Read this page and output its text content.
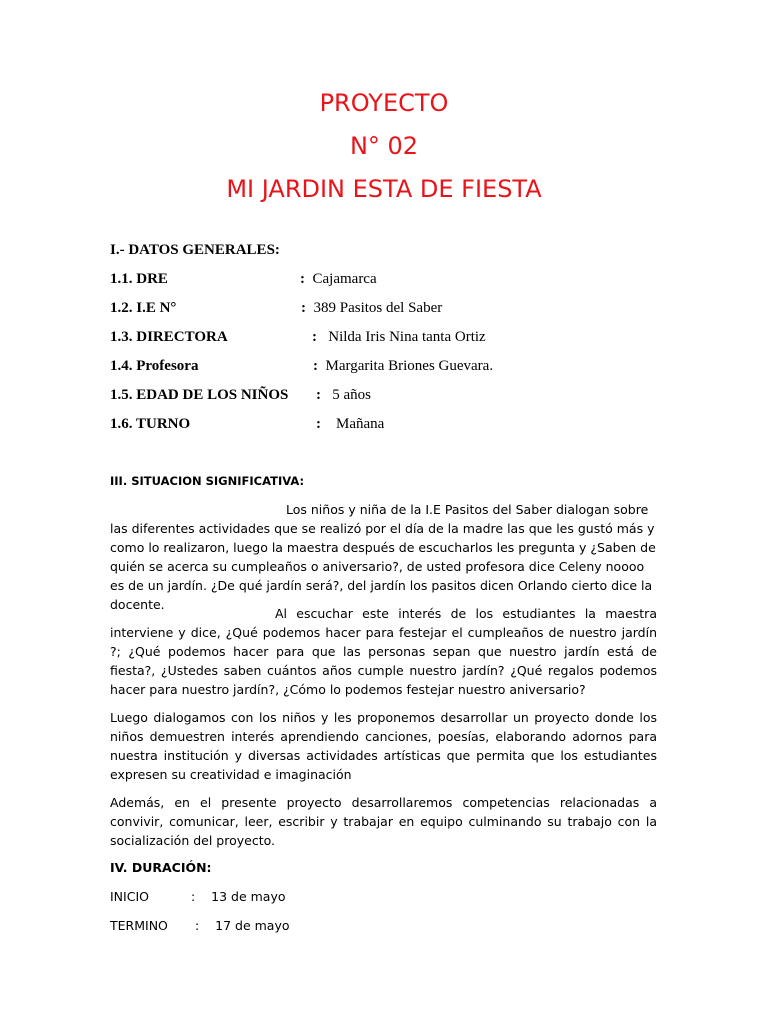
PROYECTO
N° 02
MI JARDIN ESTA DE FIESTA
I.- DATOS GENERALES:
1.1. DRE	: Cajamarca
1.2. I.E N°	: 389 Pasitos del Saber
1.3. DIRECTORA	: Nilda Iris Nina tanta Ortiz
1.4. Profesora	: Margarita Briones Guevara.
1.5. EDAD DE LOS NIÑOS : 5 años
1.6. TURNO	: Mañana
III. SITUACION SIGNIFICATIVA:
Los niños y niña de la I.E Pasitos del Saber dialogan sobre las diferentes actividades que se realizó por el día de la madre las que les gustó más y como lo realizaron, luego la maestra después de escucharlos les pregunta y ¿Saben de quién se acerca su cumpleaños o aniversario?, de usted profesora dice Celeny noooo es de un jardín. ¿De qué jardín será?, del jardín los pasitos dicen Orlando cierto dice la docente.
Al escuchar este interés de los estudiantes la maestra interviene y dice, ¿Qué podemos hacer para festejar el cumpleaños de nuestro jardín ?; ¿Qué podemos hacer para que las personas sepan que nuestro jardín está de fiesta?, ¿Ustedes saben cuántos años cumple nuestro jardín? ¿Qué regalos podemos hacer para nuestro jardín?, ¿Cómo lo podemos festejar nuestro aniversario?
Luego dialogamos con los niños y les proponemos desarrollar un proyecto donde los niños demuestren interés aprendiendo canciones, poesías, elaborando adornos para nuestra institución y diversas actividades artísticas que permita que los estudiantes expresen su creatividad e imaginación
Además, en el presente proyecto desarrollaremos competencias relacionadas a convivir, comunicar, leer, escribir y trabajar en equipo culminando su trabajo con la socialización del proyecto.
IV. DURACIÓN:
INICIO	: 13 de mayo
TERMINO : 17 de mayo
